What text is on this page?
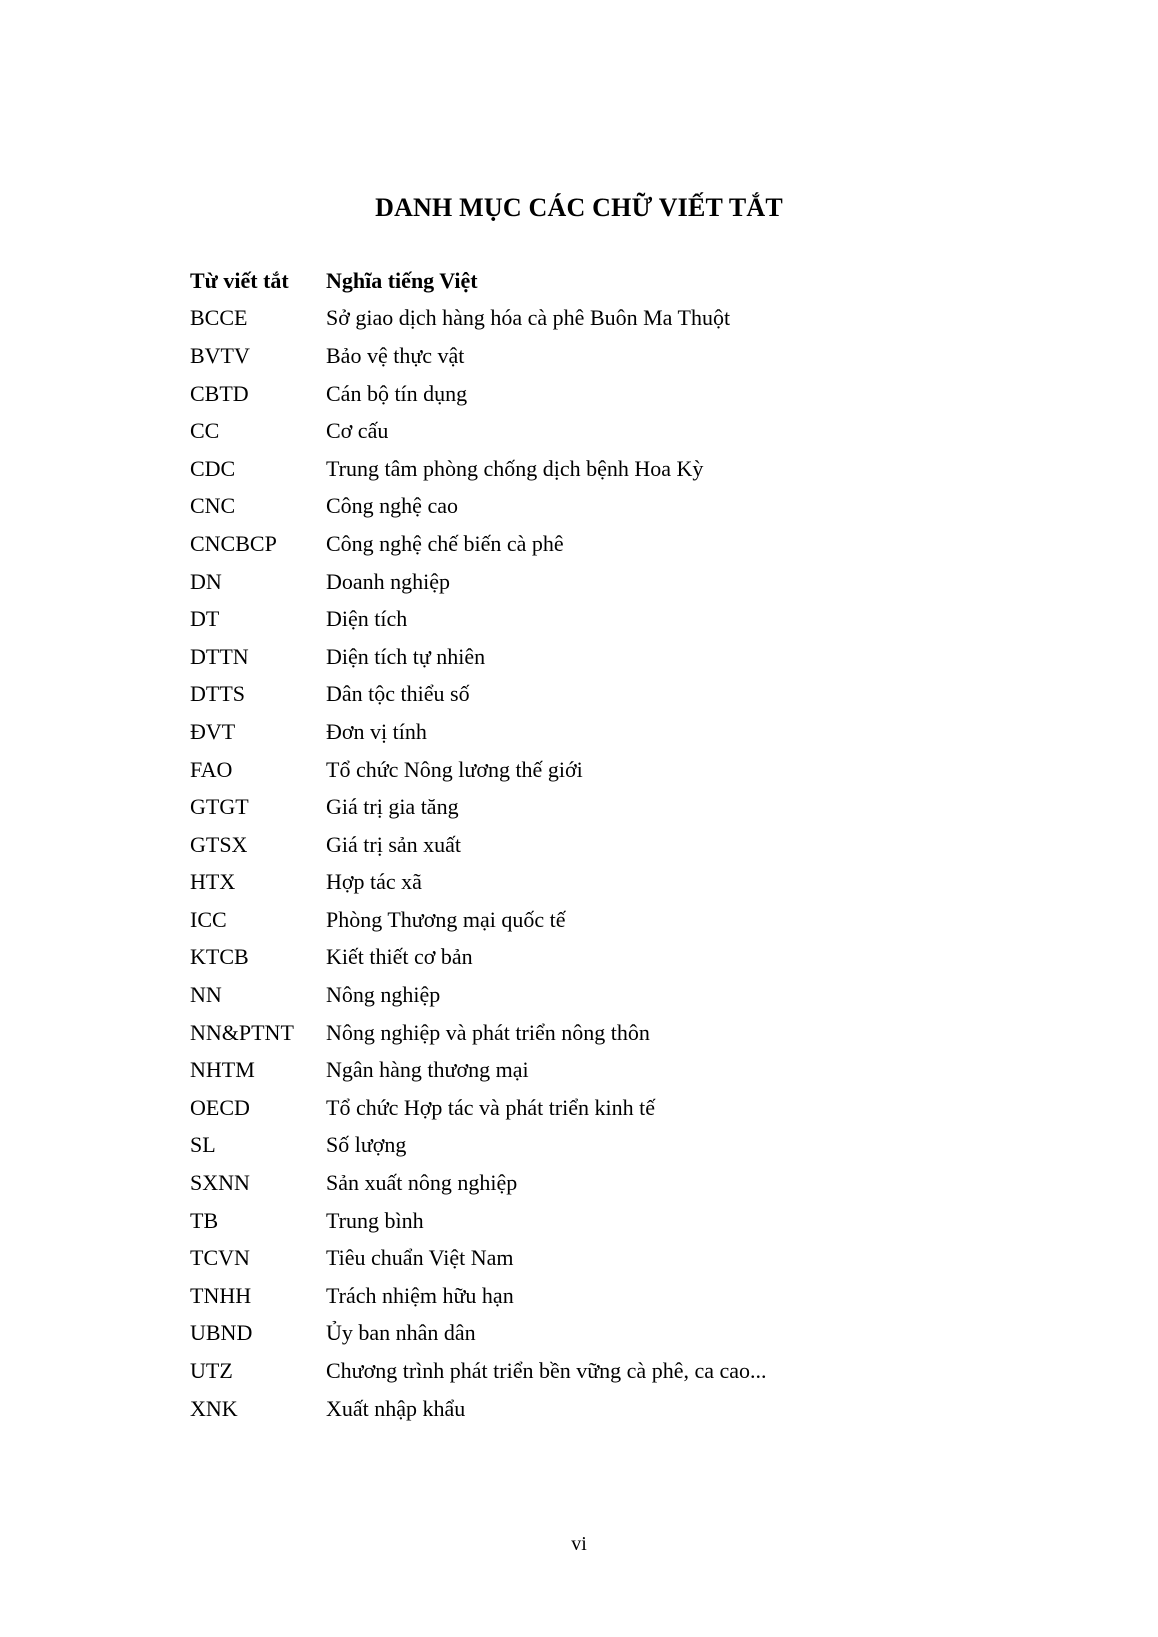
DANH MỤC CÁC CHỮ VIẾT TẮT
Từ viết tắt	Nghĩa tiếng Việt
BCCE	Sở giao dịch hàng hóa cà phê Buôn Ma Thuột
BVTV	Bảo vệ thực vật
CBTD	Cán bộ tín dụng
CC	Cơ cấu
CDC	Trung tâm phòng chống dịch bệnh Hoa Kỳ
CNC	Công nghệ cao
CNCBCP	Công nghệ chế biến cà phê
DN	Doanh nghiệp
DT	Diện tích
DTTN	Diện tích tự nhiên
DTTS	Dân tộc thiểu số
ĐVT	Đơn vị tính
FAO	Tổ chức Nông lương thế giới
GTGT	Giá trị gia tăng
GTSX	Giá trị sản xuất
HTX	Hợp tác xã
ICC	Phòng Thương mại quốc tế
KTCB	Kiết thiết cơ bản
NN	Nông nghiệp
NN&PTNT	Nông nghiệp và phát triển nông thôn
NHTM	Ngân hàng thương mại
OECD	Tổ chức Hợp tác và phát triển kinh tế
SL	Số lượng
SXNN	Sản xuất nông nghiệp
TB	Trung bình
TCVN	Tiêu chuẩn Việt Nam
TNHH	Trách nhiệm hữu hạn
UBND	Ủy ban nhân dân
UTZ	Chương trình phát triển bền vững cà phê, ca cao...
XNK	Xuất nhập khẩu
vi
